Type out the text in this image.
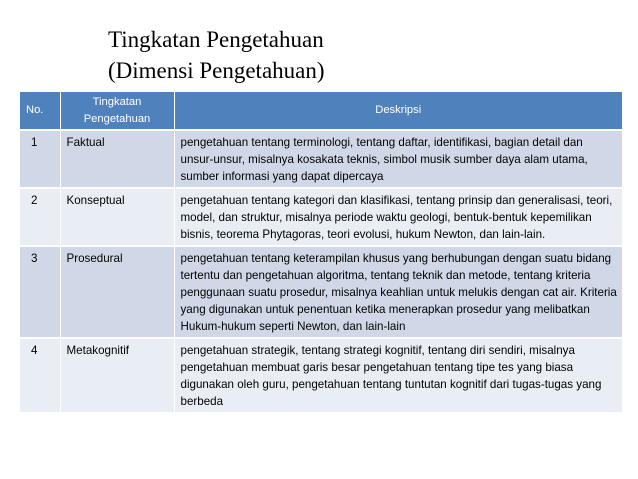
Tingkatan Pengetahuan
(Dimensi Pengetahuan)
No.	Tingkatan Pengetahuan	Deskripsi
1	Faktual	pengetahuan tentang terminologi, tentang daftar, identifikasi, bagian detail dan unsur-unsur, misalnya kosakata teknis, simbol musik sumber daya alam utama, sumber informasi yang dapat dipercaya
2	Konseptual	pengetahuan tentang kategori dan klasifikasi, tentang prinsip dan generalisasi, teori, model, dan struktur, misalnya periode waktu geologi, bentuk-bentuk kepemilikan bisnis, teorema Phytagoras, teori evolusi, hukum Newton, dan lain-lain.
3	Prosedural	pengetahuan tentang keterampilan khusus yang berhubungan dengan suatu bidang tertentu dan pengetahuan algoritma, tentang teknik dan metode, tentang kriteria penggunaan suatu prosedur, misalnya keahlian untuk melukis dengan cat air. Kriteria yang digunakan untuk penentuan ketika menerapkan prosedur yang melibatkan Hukum-hukum seperti Newton, dan lain-lain
4	Metakognitif	pengetahuan strategik, tentang strategi kognitif, tentang diri sendiri, misalnya pengetahuan membuat garis besar pengetahuan tentang tipe tes yang biasa digunakan oleh guru, pengetahuan tentang tuntutan kognitif dari tugas-tugas yang berbeda
